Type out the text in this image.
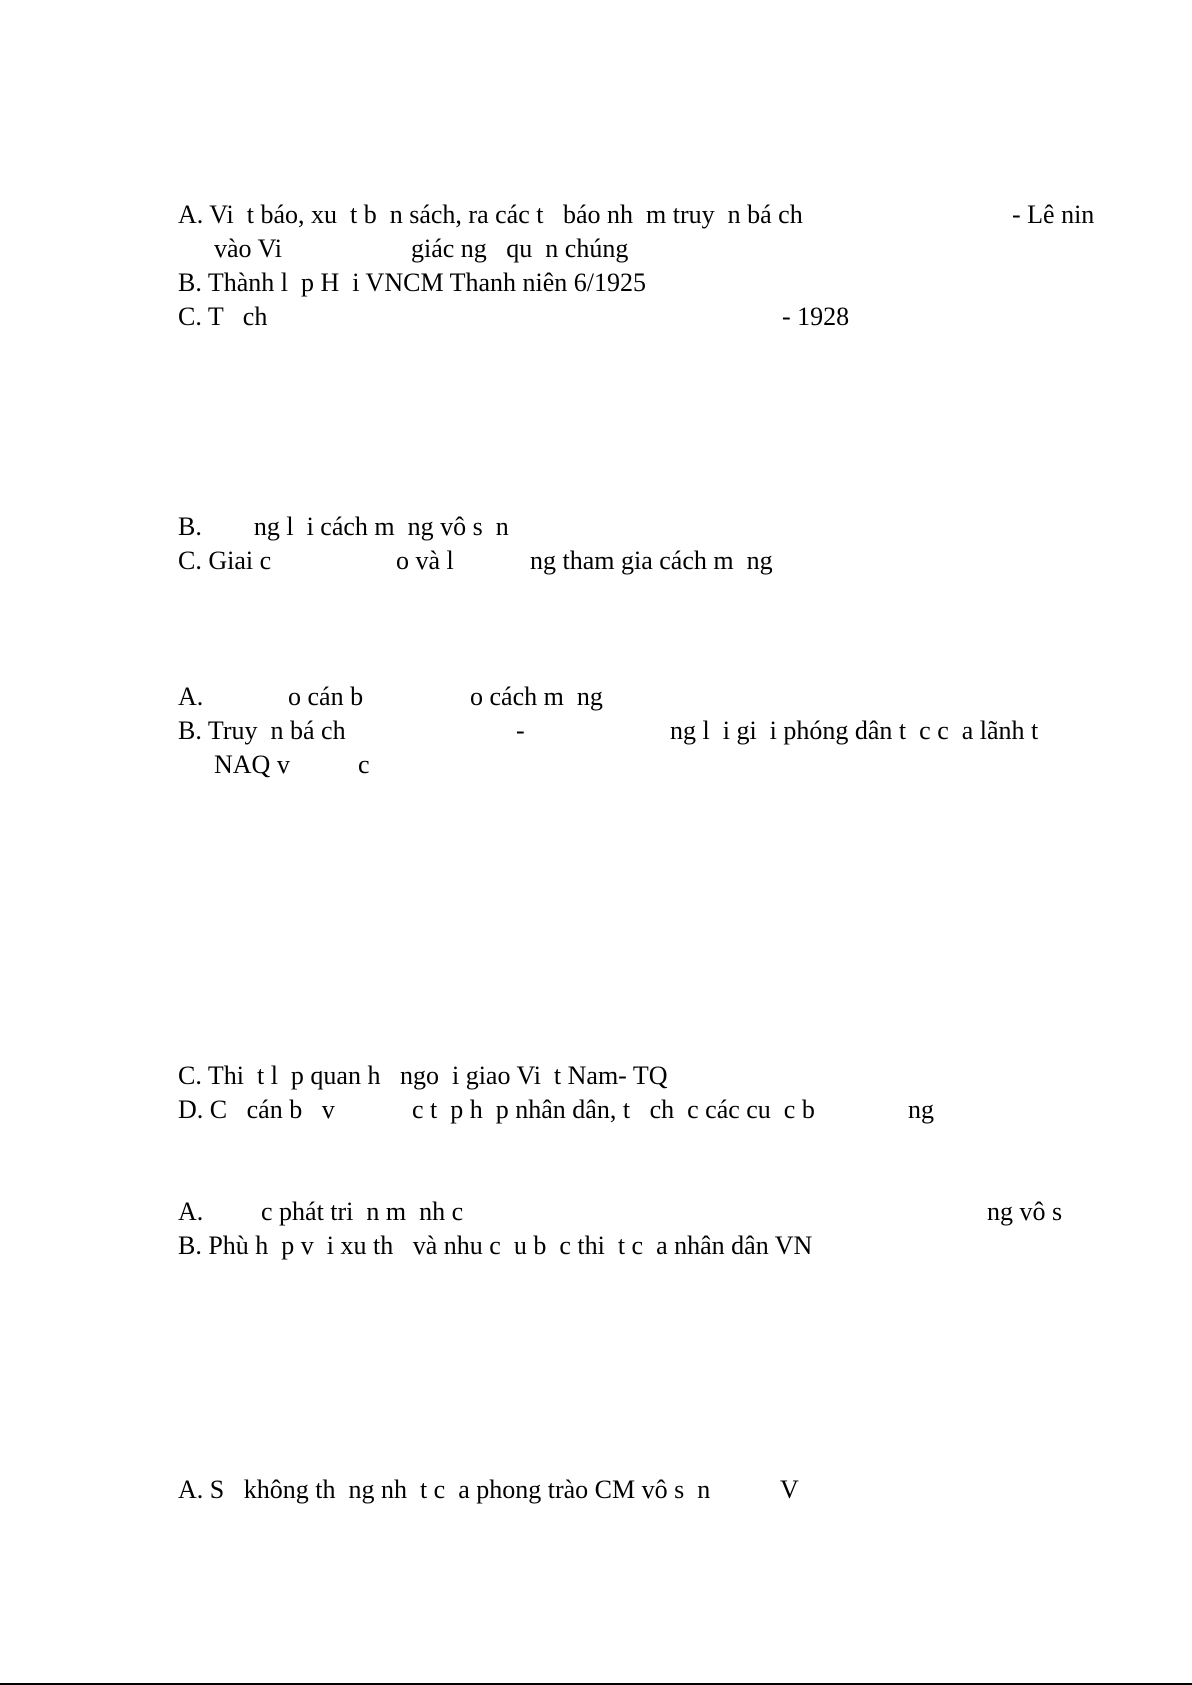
A. Vi  t báo, xu  t b  n sách, ra các t   báo nh  m truy  n bá ch

	- Lê nin

vào Vi

	giác ng   qu  n chúng

B. Thành l  p H  i VNCM Thanh niên 6/1925

C. T   ch

	- 1928

B.        ng l  i cách m  ng vô s  n

C. Giai c

	o và l

	ng tham gia cách m  ng

A.

	o cán b

	o cách m  ng

B. Truy  n bá ch

	-

	ng l  i gi  i phóng dân t  c c  a lãnh t

NAQ v

	c

C. Thi  t l  p quan h   ngo  i giao Vi  t Nam- TQ

D. C   cán b   v

	c t  p h  p nhân dân, t   ch  c các cu  c b

	ng

A.

c phát tri  n m  nh c

	ng vô s

B. Phù h  p v  i xu th   và nhu c  u b  c thi  t c  a nhân dân VN

A. S   không th  ng nh  t c  a phong trào CM vô s  n

	V
